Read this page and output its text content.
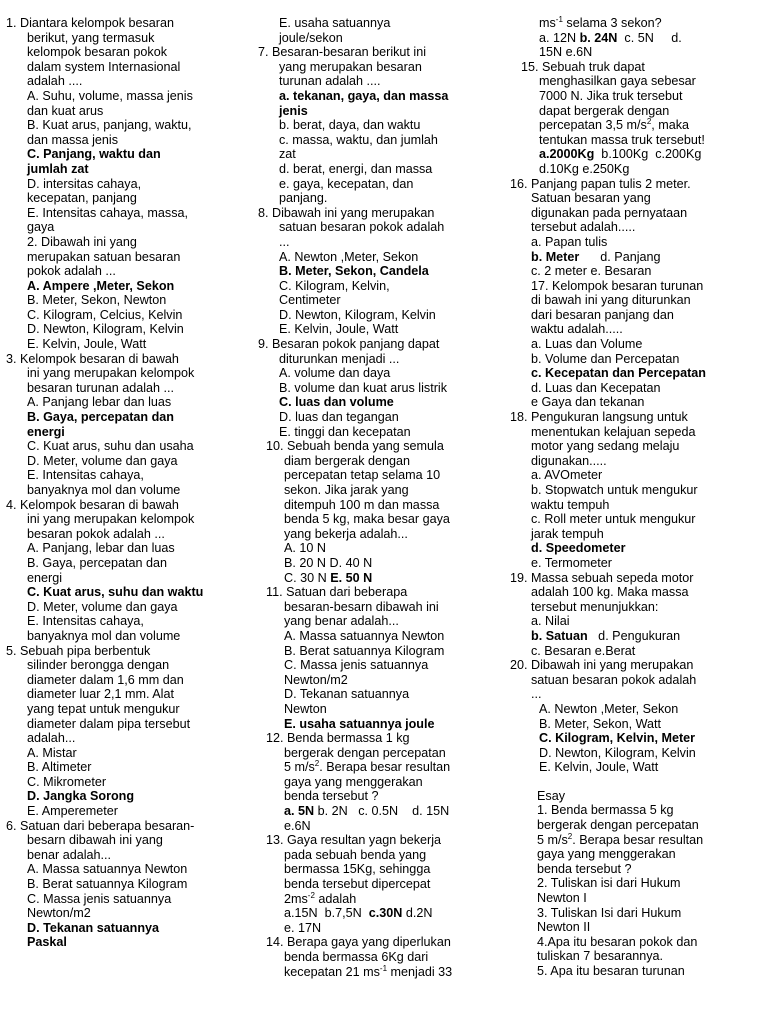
1. Diantara kelompok besaran
berikut, yang termasuk
kelompok besaran pokok
dalam system Internasional
adalah ....
A. Suhu, volume, massa jenis
dan kuat arus
B. Kuat arus, panjang, waktu,
dan massa jenis
C. Panjang, waktu dan
jumlah zat
D. intersitas cahaya,
kecepatan, panjang
E. Intensitas cahaya, massa,
gaya
2. Dibawah ini yang
merupakan satuan besaran
pokok adalah ...
A. Ampere ,Meter, Sekon
B. Meter, Sekon, Newton
C. Kilogram, Celcius, Kelvin
D. Newton, Kilogram, Kelvin
E. Kelvin, Joule, Watt
3. Kelompok besaran di bawah
ini yang merupakan kelompok
besaran turunan adalah ...
A. Panjang lebar dan luas
B. Gaya, percepatan dan
energi
C. Kuat arus, suhu dan usaha
D. Meter, volume dan gaya
E. Intensitas cahaya,
banyaknya mol dan volume
4. Kelompok besaran di bawah
ini yang merupakan kelompok
besaran pokok adalah ...
A. Panjang, lebar dan luas
B. Gaya, percepatan dan
energi
C. Kuat arus, suhu dan waktu
D. Meter, volume dan gaya
E. Intensitas cahaya,
banyaknya mol dan volume
5. Sebuah pipa berbentuk
silinder berongga dengan
diameter dalam 1,6 mm dan
diameter luar 2,1 mm. Alat
yang tepat untuk mengukur
diameter dalam pipa tersebut
adalah...
A. Mistar
B. Altimeter
C. Mikrometer
D. Jangka Sorong
E. Amperemeter
6. Satuan dari beberapa besaran-
besarn dibawah ini yang
benar adalah...
A. Massa satuannya Newton
B. Berat satuannya Kilogram
C. Massa jenis satuannya
Newton/m2
D. Tekanan satuannya
Paskal
E. usaha satuannya
joule/sekon
7. Besaran-besaran berikut ini
yang merupakan besaran
turunan adalah ....
a. tekanan, gaya, dan massa
jenis
b. berat, daya, dan waktu
c. massa, waktu, dan jumlah
zat
d. berat, energi, dan massa
e. gaya, kecepatan, dan
panjang.
8. Dibawah ini yang merupakan
satuan besaran pokok adalah
...
A. Newton ,Meter, Sekon
B. Meter, Sekon, Candela
C. Kilogram, Kelvin,
Centimeter
D. Newton, Kilogram, Kelvin
E. Kelvin, Joule, Watt
9. Besaran pokok panjang dapat
diturunkan menjadi ...
A. volume dan daya
B. volume dan kuat arus listrik
C. luas dan volume
D. luas dan tegangan
E. tinggi dan kecepatan
10. Sebuah benda yang semula
diam bergerak dengan
percepatan tetap selama 10
sekon. Jika jarak yang
ditempuh 100 m dan massa
benda 5 kg, maka besar gaya
yang bekerja adalah...
A. 10 N
B. 20 N D. 40 N
C. 30 N E. 50 N
11. Satuan dari beberapa
besaran-besarn dibawah ini
yang benar adalah...
A. Massa satuannya Newton
B. Berat satuannya Kilogram
C. Massa jenis satuannya
Newton/m2
D. Tekanan satuannya
Newton
E. usaha satuannya joule
12. Benda bermassa 1 kg
bergerak dengan percepatan
5 $m/s^2$. Berapa besar resultan
gaya yang menggerakan
benda tersebut ?
a. 5N b. 2N   c. 0.5N    d. 15N
e.6N
13. Gaya resultan yagn bekerja
pada sebuah benda yang
bermassa 15Kg, sehingga
benda tersebut dipercepat
$2ms^{-2}$ adalah
a.15N  b.7,5N  c.30N d.2N
e. 17N
14. Berapa gaya yang diperlukan
benda bermassa 6Kg dari
kecepatan 21 $ms^{-1}$ menjadi 33
$ms^{-1}$ selama 3 sekon?
a. 12N b. 24N  c. 5N     d.
15N e.6N
15. Sebuah truk dapat
menghasilkan gaya sebesar
7000 N. Jika truk tersebut
dapat bergerak dengan
percepatan 3,5 $m/s^2$, maka
tentukan massa truk tersebut!
a.2000Kg  b.100Kg  c.200Kg
d.10Kg e.250Kg
16. Panjang papan tulis 2 meter.
Satuan besaran yang
digunakan pada pernyataan
tersebut adalah.....
a. Papan tulis
b. Meter      d. Panjang
c. 2 meter e. Besaran
17. Kelompok besaran turunan
di bawah ini yang diturunkan
dari besaran panjang dan
waktu adalah.....
a. Luas dan Volume
b. Volume dan Percepatan
c. Kecepatan dan Percepatan
d. Luas dan Kecepatan
e Gaya dan tekanan
18. Pengukuran langsung untuk
menentukan kelajuan sepeda
motor yang sedang melaju
digunakan.....
a. AVOmeter
b. Stopwatch untuk mengukur
waktu tempuh
c. Roll meter untuk mengukur
jarak tempuh
d. Speedometer
e. Termometer
19. Massa sebuah sepeda motor
adalah 100 kg. Maka massa
tersebut menunjukkan:
a. Nilai
b. Satuan   d. Pengukuran
c. Besaran e.Berat
20. Dibawah ini yang merupakan
satuan besaran pokok adalah
...
A. Newton ,Meter, Sekon
B. Meter, Sekon, Watt
C. Kilogram, Kelvin, Meter
D. Newton, Kilogram, Kelvin
E. Kelvin, Joule, Watt
Esay
1. Benda bermassa 5 kg
bergerak dengan percepatan
5 $m/s^2$. Berapa besar resultan
gaya yang menggerakan
benda tersebut ?
2. Tuliskan isi dari Hukum
Newton I
3. Tuliskan Isi dari Hukum
Newton II
4.Apa itu besaran pokok dan
tuliskan 7 besarannya.
5. Apa itu besaran turunan
